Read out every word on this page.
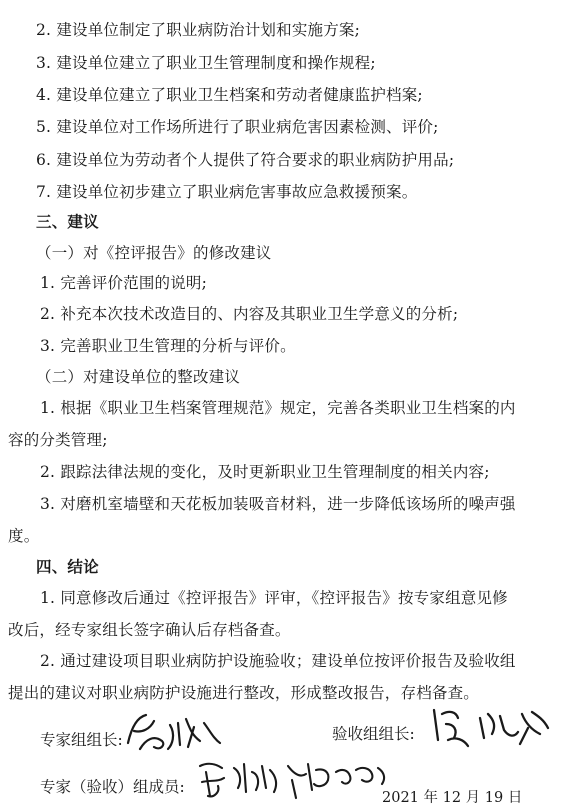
2. 建设单位制定了职业病防治计划和实施方案;
3. 建设单位建立了职业卫生管理制度和操作规程;
4. 建设单位建立了职业卫生档案和劳动者健康监护档案;
5. 建设单位对工作场所进行了职业病危害因素检测、评价;
6. 建设单位为劳动者个人提供了符合要求的职业病防护用品;
7. 建设单位初步建立了职业病危害事故应急救援预案。
三、建议
（一）对《控评报告》的修改建议
1. 完善评价范围的说明;
2. 补充本次技术改造目的、内容及其职业卫生学意义的分析;
3. 完善职业卫生管理的分析与评价。
（二）对建设单位的整改建议
1. 根据《职业卫生档案管理规范》规定，完善各类职业卫生档案的内
容的分类管理;
2. 跟踪法律法规的变化，及时更新职业卫生管理制度的相关内容;
3. 对磨机室墙壁和天花板加装吸音材料，进一步降低该场所的噪声强
度。
四、结论
1. 同意修改后通过《控评报告》评审，《控评报告》按专家组意见修
改后，经专家组长签字确认后存档备查。
2. 通过建设项目职业病防护设施验收；建设单位按评价报告及验收组
提出的建议对职业病防护设施进行整改，形成整改报告，存档备查。
专家组组长:	验收组组长:
专家（验收）组成员:
2021 年 12 月 19 日
